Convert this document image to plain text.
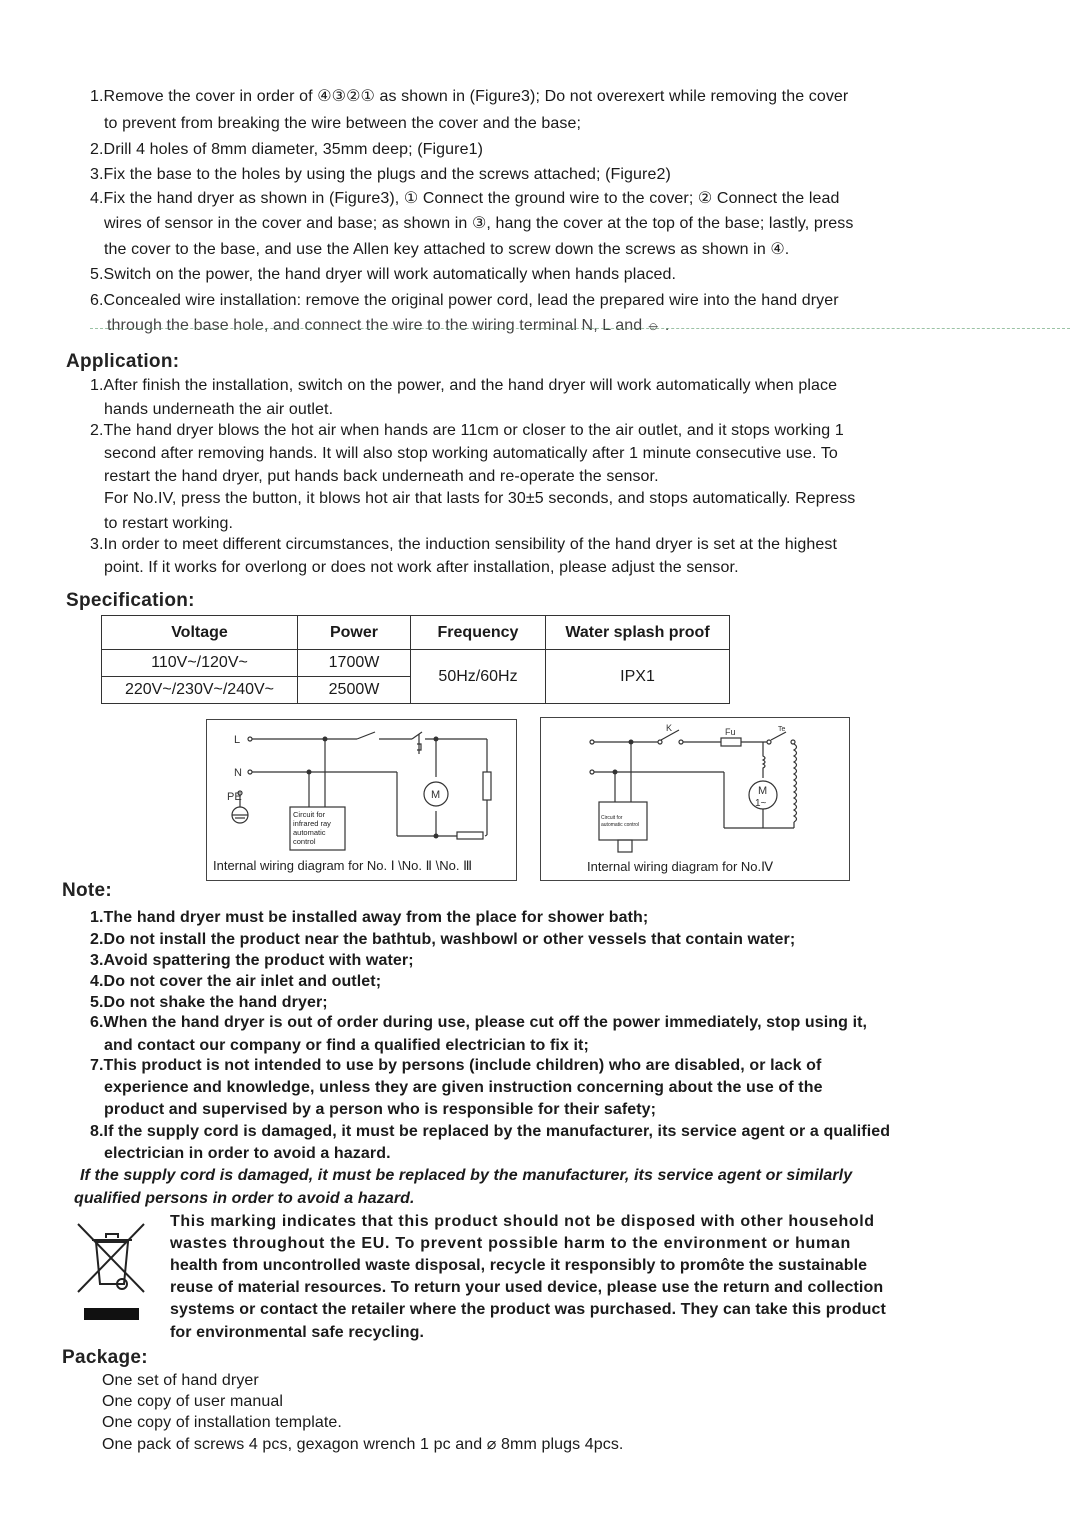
1.Remove the cover in order of ④③②① as shown in (Figure3); Do not overexert while removing the cover
to prevent from breaking the wire between the cover and the base;
2.Drill 4 holes of 8mm diameter, 35mm deep; (Figure1)
3.Fix the base to the holes by using the plugs and the screws attached; (Figure2)
4.Fix the hand dryer as shown in (Figure3), ① Connect the ground wire to the cover; ② Connect the lead
wires of sensor in the cover and base; as shown in ③, hang the cover at the top of the base; lastly, press
the cover to the base, and use the Allen key attached to screw down the screws as shown in ④.
5.Switch on the power, the hand dryer will work automatically when hands placed.
6.Concealed wire installation: remove the original power cord, lead the prepared wire into the hand dryer
through the base hole, and connect the wire to the wiring terminal N, L and ⦵ .
Application:
1.After finish the installation, switch on the power, and the hand dryer will work automatically when place
hands underneath the air outlet.
2.The hand dryer blows the hot air when hands are 11cm or closer to the air outlet, and it stops working 1
second after removing hands. It will also stop working automatically after 1 minute consecutive use. To
restart the hand dryer, put hands back underneath and re-operate the sensor.
For No.IV, press the button, it blows hot air that lasts for 30±5 seconds, and stops automatically. Repress
to restart working.
3.In order to meet different circumstances, the induction sensibility of the hand dryer is set at the highest
point. If it works for overlong or does not work after installation, please adjust the sensor.
Specification:
Voltage	Power	Frequency	Water splash proof
110V~/120V~	1700W	50Hz/60Hz	IPX1
220V~/230V~/240V~	2500W		
L
N
PE	M
Circuit for
infrared ray
automatic
control
Internal wiring diagram for No. Ⅰ \No. Ⅱ \No. Ⅲ
K	Fu	Te
M
1~
Circuit for
automatic control
Internal wiring diagram for No.Ⅳ
Note:
1.The hand dryer must be installed away from the place for shower bath;
2.Do not install the product near the bathtub, washbowl or other vessels that contain water;
3.Avoid spattering the product with water;
4.Do not cover the air inlet and outlet;
5.Do not shake the hand dryer;
6.When the hand dryer is out of order during use, please cut off the power immediately, stop using it,
and contact our company or find a qualified electrician to fix it;
7.This product is not intended to use by persons (include children) who are disabled, or lack of
experience and knowledge, unless they are given instruction concerning about the use of the
product and supervised by a person who is responsible for their safety;
8.If the supply cord is damaged, it must be replaced by the manufacturer, its service agent or a qualified
electrician in order to avoid a hazard.
If the supply cord is damaged, it must be replaced by the manufacturer, its service agent or similarly
qualified persons in order to avoid a hazard.
This marking indicates that this product should not be disposed with other household
wastes throughout the EU. To prevent possible harm to the environment or human
health from uncontrolled waste disposal, recycle it responsibly to promôte the sustainable
reuse of material resources. To return your used device, please use the return and collection
systems or contact the retailer where the product was purchased. They can take this product
for environmental safe recycling.
Package:
One set of hand dryer
One copy of user manual
One copy of installation template.
One pack of screws 4 pcs, gexagon wrench 1 pc and ⌀ 8mm plugs 4pcs.
